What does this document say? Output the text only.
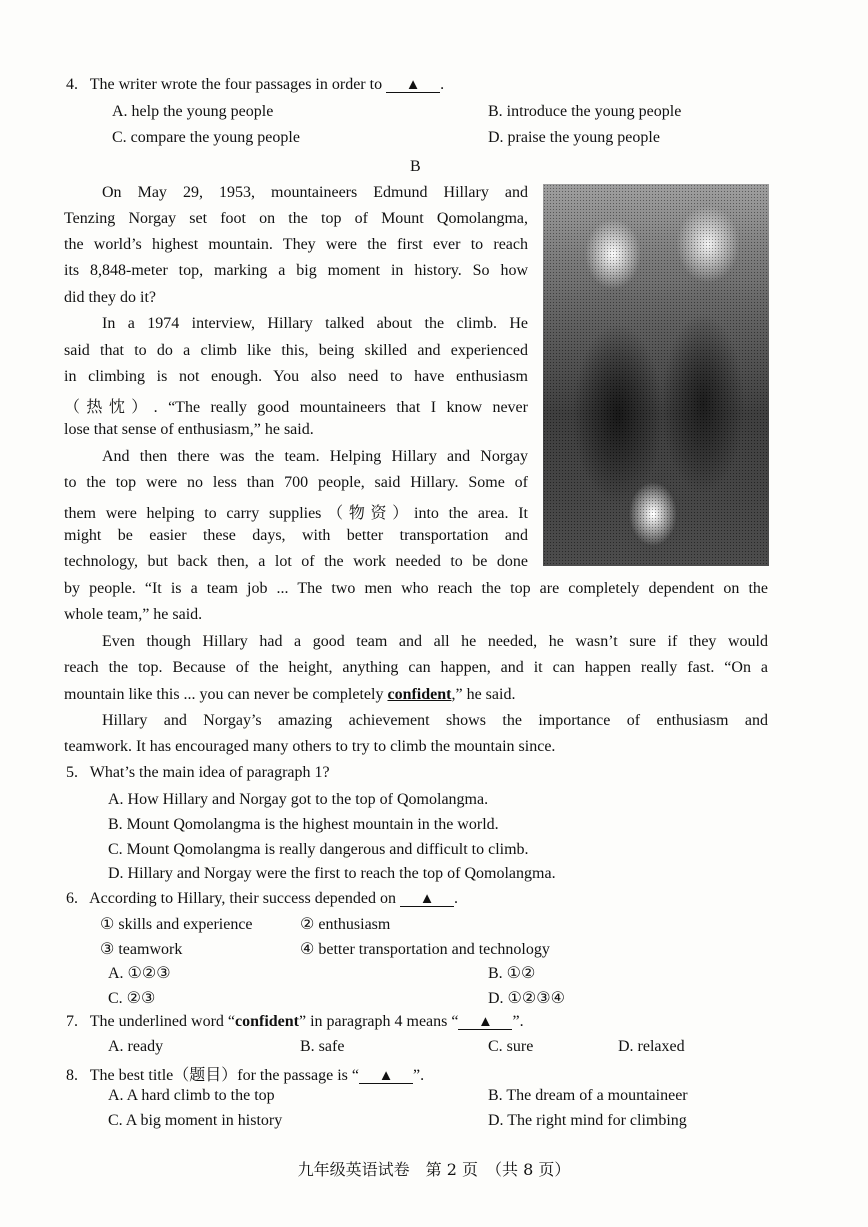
4. The writer wrote the four passages in order to ▲ .
A. help the young people	B. introduce the young people
C. compare the young people	D. praise the young people
B
On May 29, 1953, mountaineers Edmund Hillary and
Tenzing Norgay set foot on the top of Mount Qomolangma,
the world’s highest mountain. They were the first ever to reach
its 8,848-meter top, marking a big moment in history. So how
did they do it?
In a 1974 interview, Hillary talked about the climb. He
said that to do a climb like this, being skilled and experienced
in climbing is not enough. You also need to have enthusiasm
（热忱）. “The really good mountaineers that I know never
lose that sense of enthusiasm,” he said.
And then there was the team. Helping Hillary and Norgay
to the top were no less than 700 people, said Hillary. Some of
them were helping to carry supplies（物资）into the area. It
might be easier these days, with better transportation and
technology, but back then, a lot of the work needed to be done
by people. “It is a team job ... The two men who reach the top are completely dependent on the
whole team,” he said.
Even though Hillary had a good team and all he needed, he wasn’t sure if they would
reach the top. Because of the height, anything can happen, and it can happen really fast. “On a
mountain like this ... you can never be completely confident,” he said.
Hillary and Norgay’s amazing achievement shows the importance of enthusiasm and
teamwork. It has encouraged many others to try to climb the mountain since.
5. What’s the main idea of paragraph 1?
A. How Hillary and Norgay got to the top of Qomolangma.
B. Mount Qomolangma is the highest mountain in the world.
C. Mount Qomolangma is really dangerous and difficult to climb.
D. Hillary and Norgay were the first to reach the top of Qomolangma.
6. According to Hillary, their success depended on ▲ .
① skills and experience	② enthusiasm
③ teamwork	④ better transportation and technology
A. ①②③	B. ①②
C. ②③	D. ①②③④
7. The underlined word “confident” in paragraph 4 means “ ▲ ”.
A. ready	B. safe	C. sure	D. relaxed
8. The best title（题目）for the passage is “ ▲ ”.
A. A hard climb to the top	B. The dream of a mountaineer
C. A big moment in history	D. The right mind for climbing
九年级英语试卷　第 2 页　（共 8 页）
